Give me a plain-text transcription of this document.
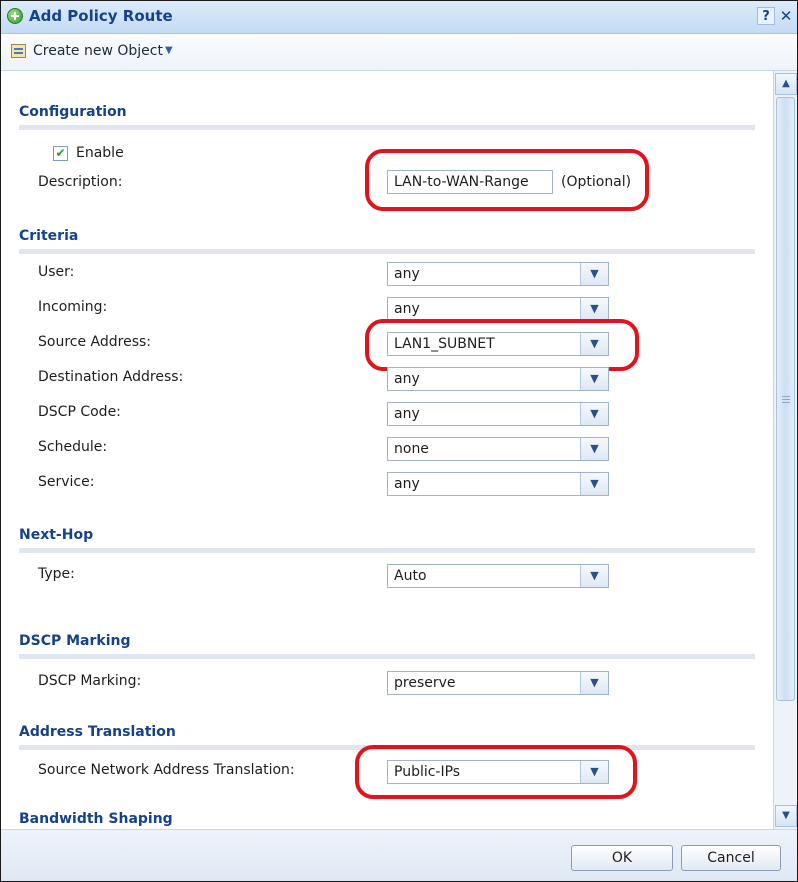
Add Policy Route	? ✕
Create new Object ▼
Configuration
✔ Enable
Description:	LAN-to-WAN-Range (Optional)
Criteria
User:	any	▼
Incoming:	any	▼
Source Address:	LAN1_SUBNET	▼
Destination Address:	any	▼
DSCP Code:	any	▼
Schedule:	none	▼
Service:	any	▼
Next-Hop
Type:	Auto	▼
DSCP Marking
DSCP Marking:	preserve	▼
Address Translation
Source Network Address Translation:	Public-IPs	▼
Bandwidth Shaping
▲
▼
OK	Cancel
